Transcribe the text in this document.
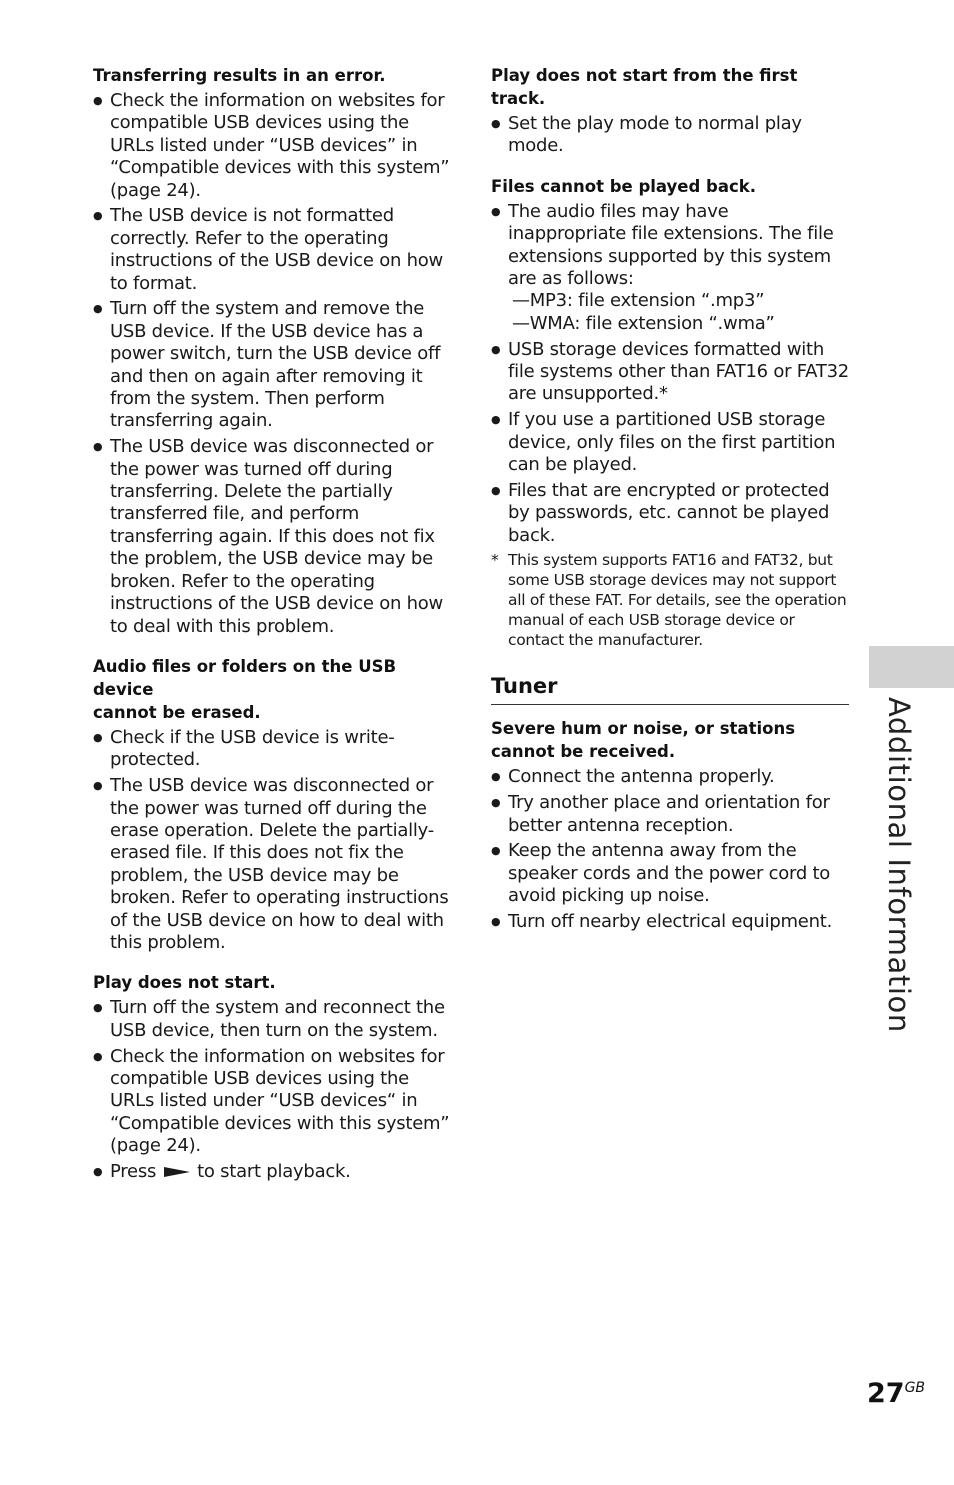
Transferring results in an error.
● Check the information on websites for compatible USB devices using the URLs listed under “USB devices” in “Compatible devices with this system” (page 24).
● The USB device is not formatted correctly. Refer to the operating instructions of the USB device on how to format.
● Turn off the system and remove the USB device. If the USB device has a power switch, turn the USB device off and then on again after removing it from the system. Then perform transferring again.
● The USB device was disconnected or the power was turned off during transferring. Delete the partially transferred file, and perform transferring again. If this does not fix the problem, the USB device may be broken. Refer to the operating instructions of the USB device on how to deal with this problem.
Audio files or folders on the USB device
cannot be erased.
● Check if the USB device is write-protected.
● The USB device was disconnected or the power was turned off during the erase operation. Delete the partially-erased file. If this does not fix the problem, the USB device may be broken. Refer to operating instructions of the USB device on how to deal with this problem.
Play does not start.
● Turn off the system and reconnect the USB device, then turn on the system.
● Check the information on websites for compatible USB devices using the URLs listed under “USB devices“ in “Compatible devices with this system” (page 24).
● Press to start playback.
Play does not start from the first track.
● Set the play mode to normal play mode.
Files cannot be played back.
● The audio files may have inappropriate file extensions. The file extensions supported by this system are as follows:
—MP3: file extension “.mp3”
—WMA: file extension “.wma”
● USB storage devices formatted with file systems other than FAT16 or FAT32 are unsupported.*
● If you use a partitioned USB storage device, only files on the first partition can be played.
● Files that are encrypted or protected by passwords, etc. cannot be played back.
* This system supports FAT16 and FAT32, but some USB storage devices may not support all of these FAT. For details, see the operation manual of each USB storage device or contact the manufacturer.
Tuner
Severe hum or noise, or stations
cannot be received.
● Connect the antenna properly.
● Try another place and orientation for better antenna reception.
● Keep the antenna away from the speaker cords and the power cord to avoid picking up noise.
● Turn off nearby electrical equipment.	Additional Information
$27^{GB}$
